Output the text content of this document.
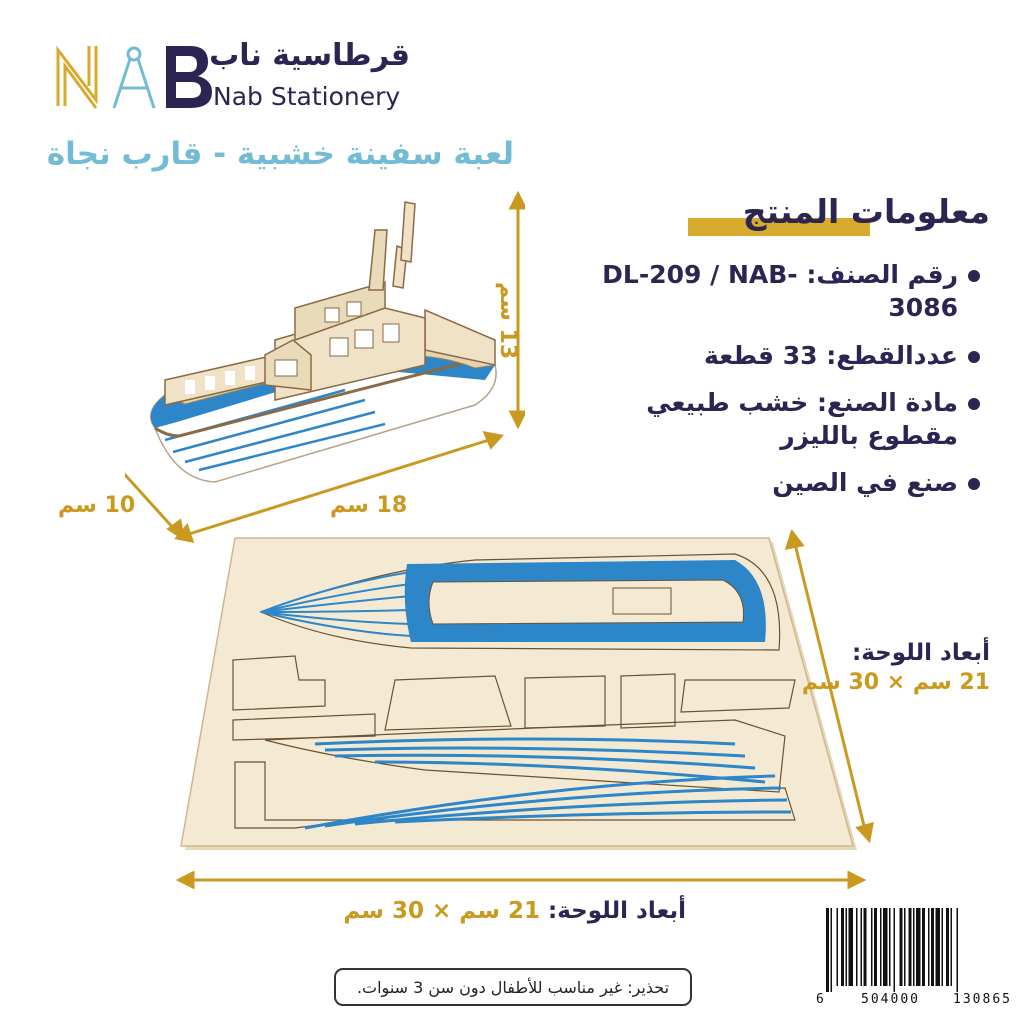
قرطاسية ناب
Nab Stationery
لعبة سفينة خشبية - قارب نجاة
13 سم
18 سم
10 سم
معلومات المنتج
رقم الصنف: DL-209 / NAB-3086
عددالقطع: 33 قطعة
مادة الصنع: خشب طبيعي مقطوع بالليزر
صنع في الصين
أبعاد اللوحة:
21 سم × 30 سم
أبعاد اللوحة: 21 سم × 30 سم
تحذير: غير مناسب للأطفال دون سن 3 سنوات.
6	504000	130865
